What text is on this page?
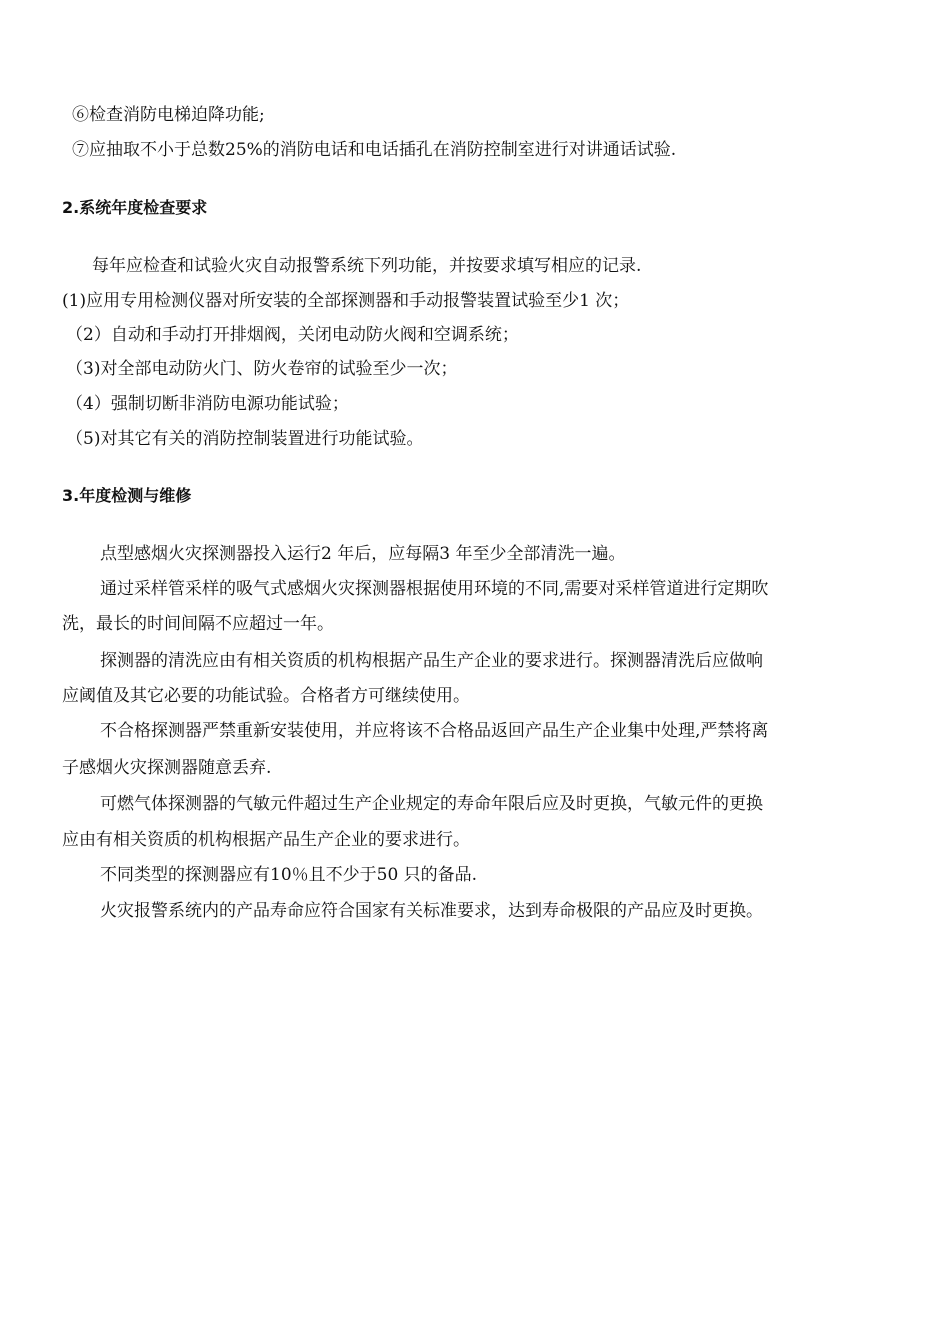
⑥检查消防电梯迫降功能;
⑦应抽取不小于总数25%的消防电话和电话插孔在消防控制室进行对讲通话试验.
2.系统年度检查要求
每年应检查和试验火灾自动报警系统下列功能，并按要求填写相应的记录.
(1)应用专用检测仪器对所安装的全部探测器和手动报警装置试验至少1 次；
（2）自动和手动打开排烟阀，关闭电动防火阀和空调系统；
（3)对全部电动防火门、防火卷帘的试验至少一次；
（4）强制切断非消防电源功能试验；
（5)对其它有关的消防控制装置进行功能试验。
3.年度检测与维修
点型感烟火灾探测器投入运行2 年后，应每隔3 年至少全部清洗一遍。
通过采样管采样的吸气式感烟火灾探测器根据使用环境的不同,需要对采样管道进行定期吹
洗，最长的时间间隔不应超过一年。
探测器的清洗应由有相关资质的机构根据产品生产企业的要求进行。探测器清洗后应做响
应阈值及其它必要的功能试验。合格者方可继续使用。
不合格探测器严禁重新安装使用，并应将该不合格品返回产品生产企业集中处理,严禁将离
子感烟火灾探测器随意丢弃.
可燃气体探测器的气敏元件超过生产企业规定的寿命年限后应及时更换，气敏元件的更换
应由有相关资质的机构根据产品生产企业的要求进行。
不同类型的探测器应有10％且不少于50 只的备品.
火灾报警系统内的产品寿命应符合国家有关标准要求，达到寿命极限的产品应及时更换。
